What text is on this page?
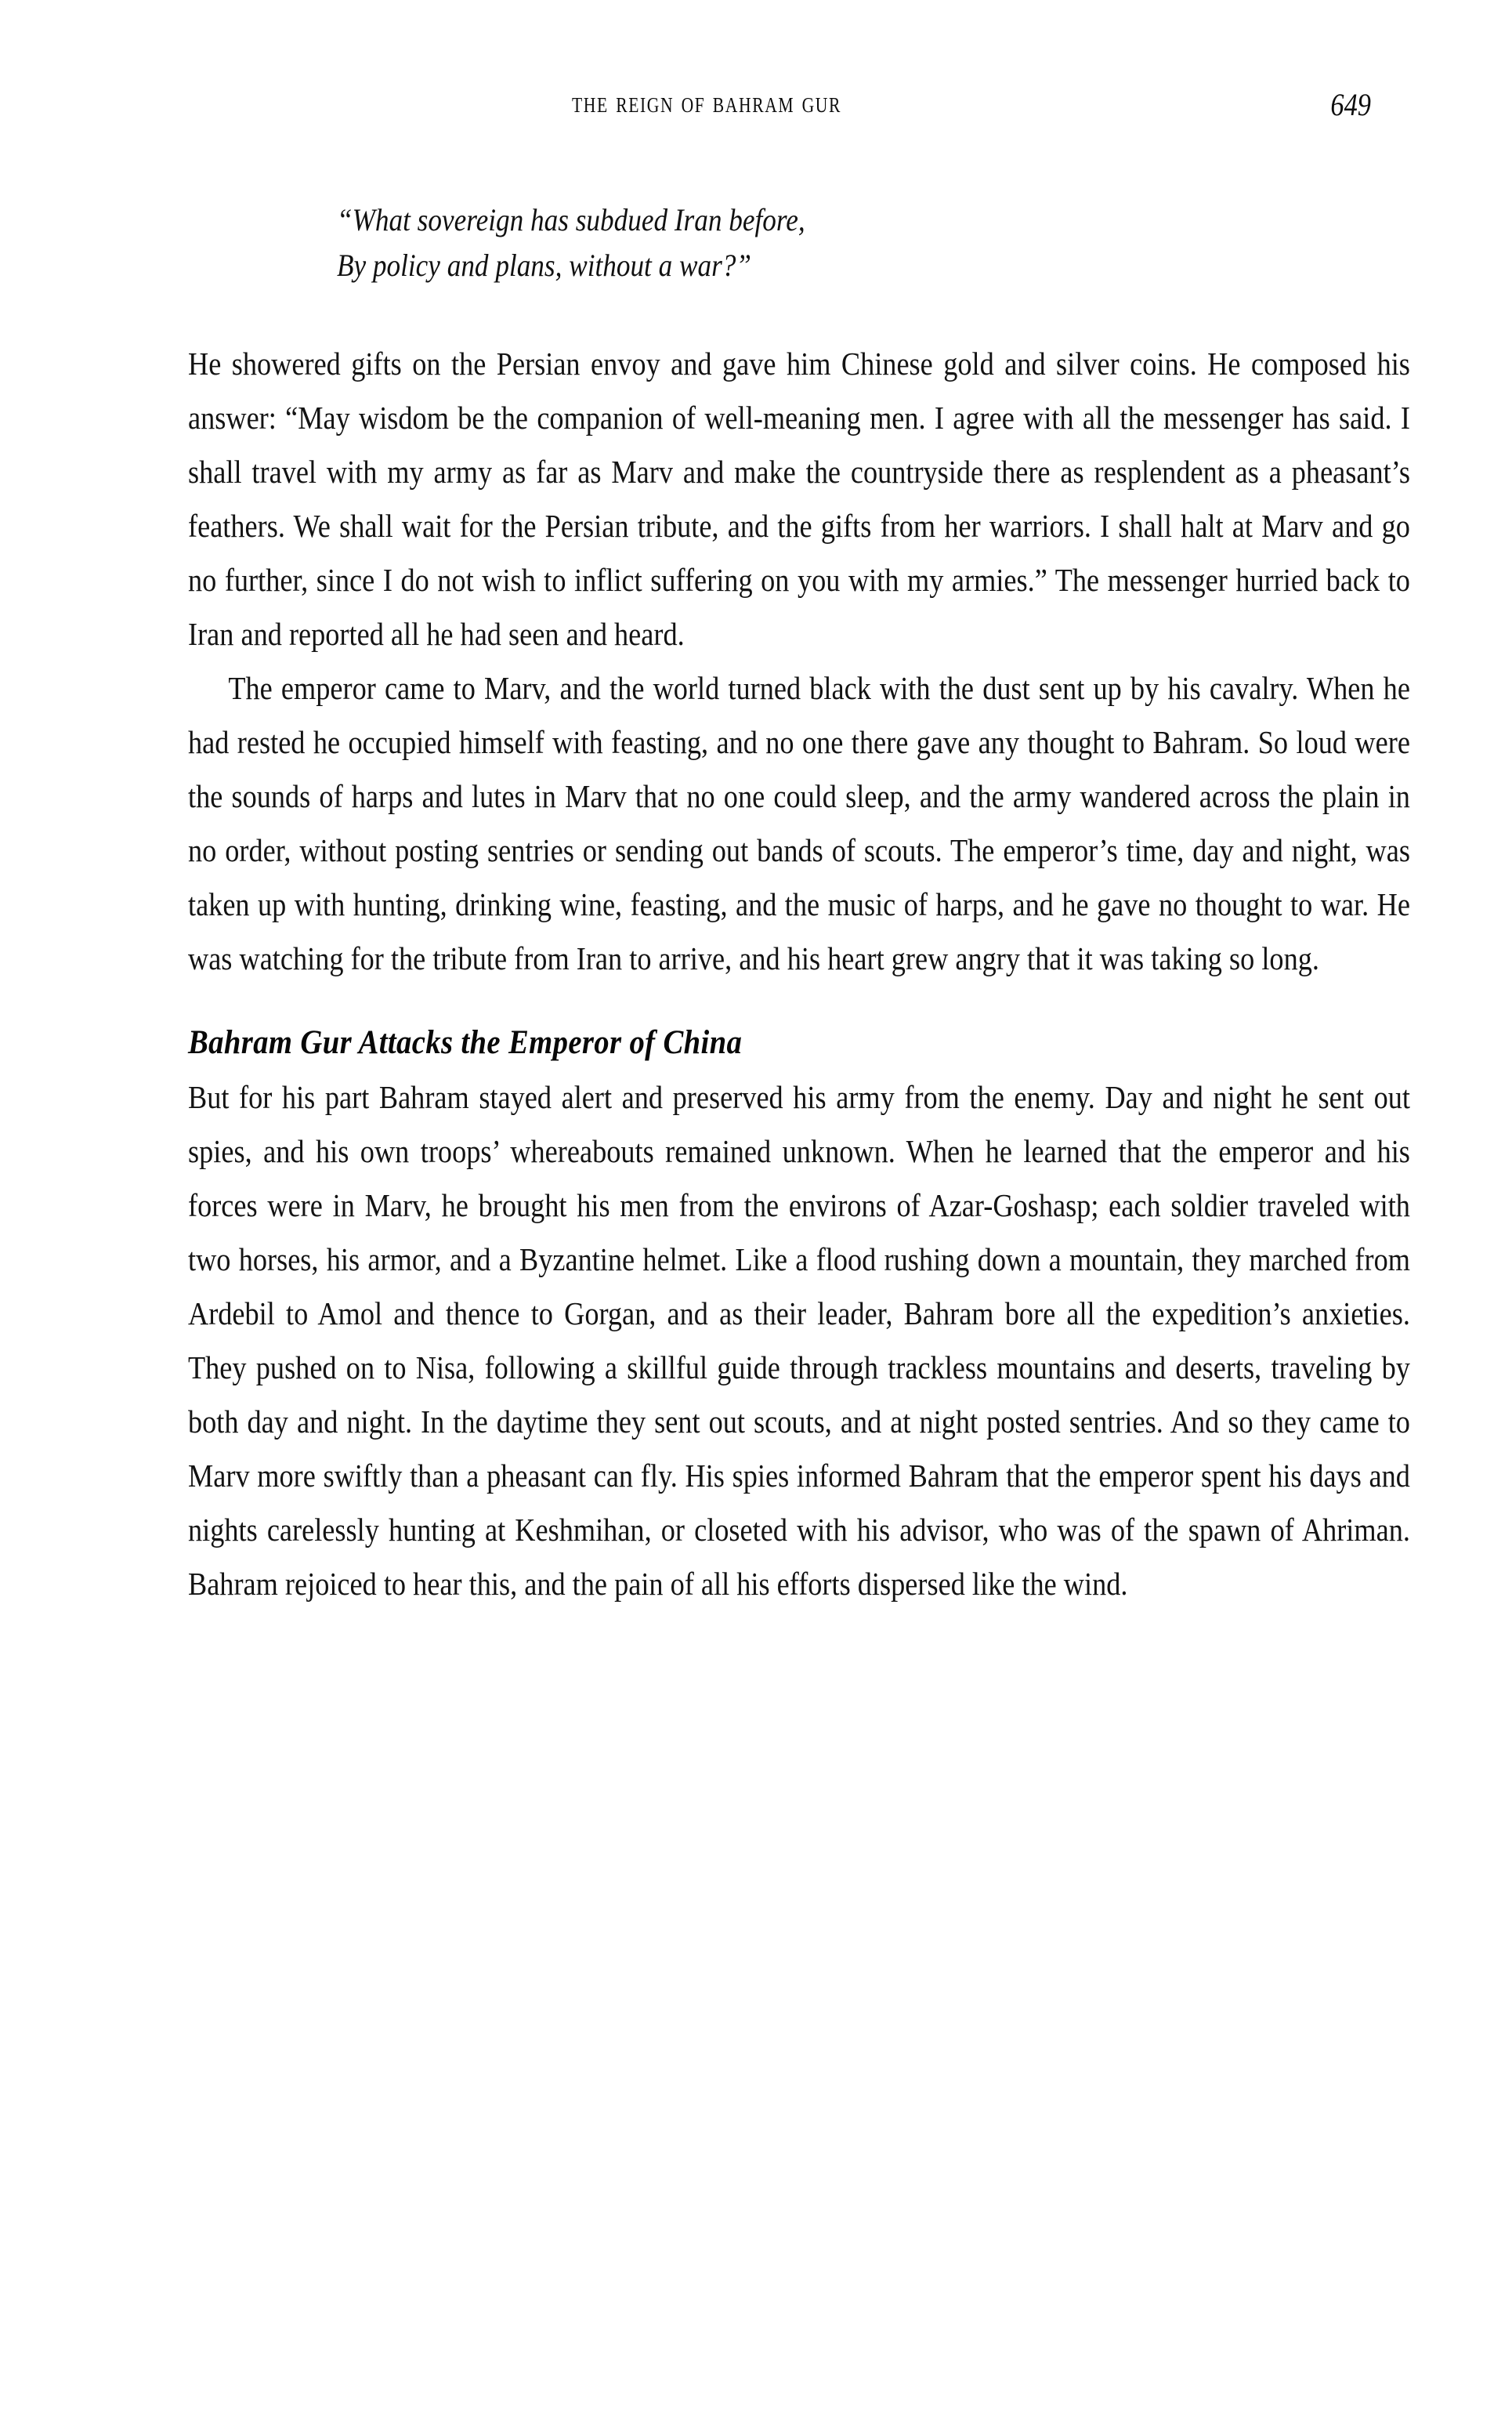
the reign of bahram gur	649
“What sovereign has subdued Iran before,
By policy and plans, without a war?”

He showered gifts on the Persian envoy and gave him Chinese gold and silver coins. He composed his answer: “May wisdom be the companion of well-meaning men. I agree with all the messenger has said. I shall travel with my army as far as Marv and make the countryside there as resplendent as a pheasant’s feathers. We shall wait for the Persian tribute, and the gifts from her warriors. I shall halt at Marv and go no further, since I do not wish to inflict suffering on you with my armies.” The messenger hurried back to Iran and reported all he had seen and heard.

The emperor came to Marv, and the world turned black with the dust sent up by his cavalry. When he had rested he occupied himself with feasting, and no one there gave any thought to Bahram. So loud were the sounds of harps and lutes in Marv that no one could sleep, and the army wandered across the plain in no order, without posting sentries or sending out bands of scouts. The emperor’s time, day and night, was taken up with hunting, drinking wine, feasting, and the music of harps, and he gave no thought to war. He was watching for the tribute from Iran to arrive, and his heart grew angry that it was taking so long.

Bahram Gur Attacks the Emperor of China

But for his part Bahram stayed alert and preserved his army from the enemy. Day and night he sent out spies, and his own troops’ whereabouts remained unknown. When he learned that the emperor and his forces were in Marv, he brought his men from the environs of Azar-Goshasp; each soldier traveled with two horses, his armor, and a Byzantine helmet. Like a flood rushing down a mountain, they marched from Ardebil to Amol and thence to Gorgan, and as their leader, Bahram bore all the expedition’s anxieties. They pushed on to Nisa, following a skillful guide through trackless mountains and deserts, traveling by both day and night. In the daytime they sent out scouts, and at night posted sentries. And so they came to Marv more swiftly than a pheasant can fly. His spies informed Bahram that the emperor spent his days and nights carelessly hunting at Keshmihan, or closeted with his advisor, who was of the spawn of Ahriman. Bahram rejoiced to hear this, and the pain of all his efforts dispersed like the wind.
